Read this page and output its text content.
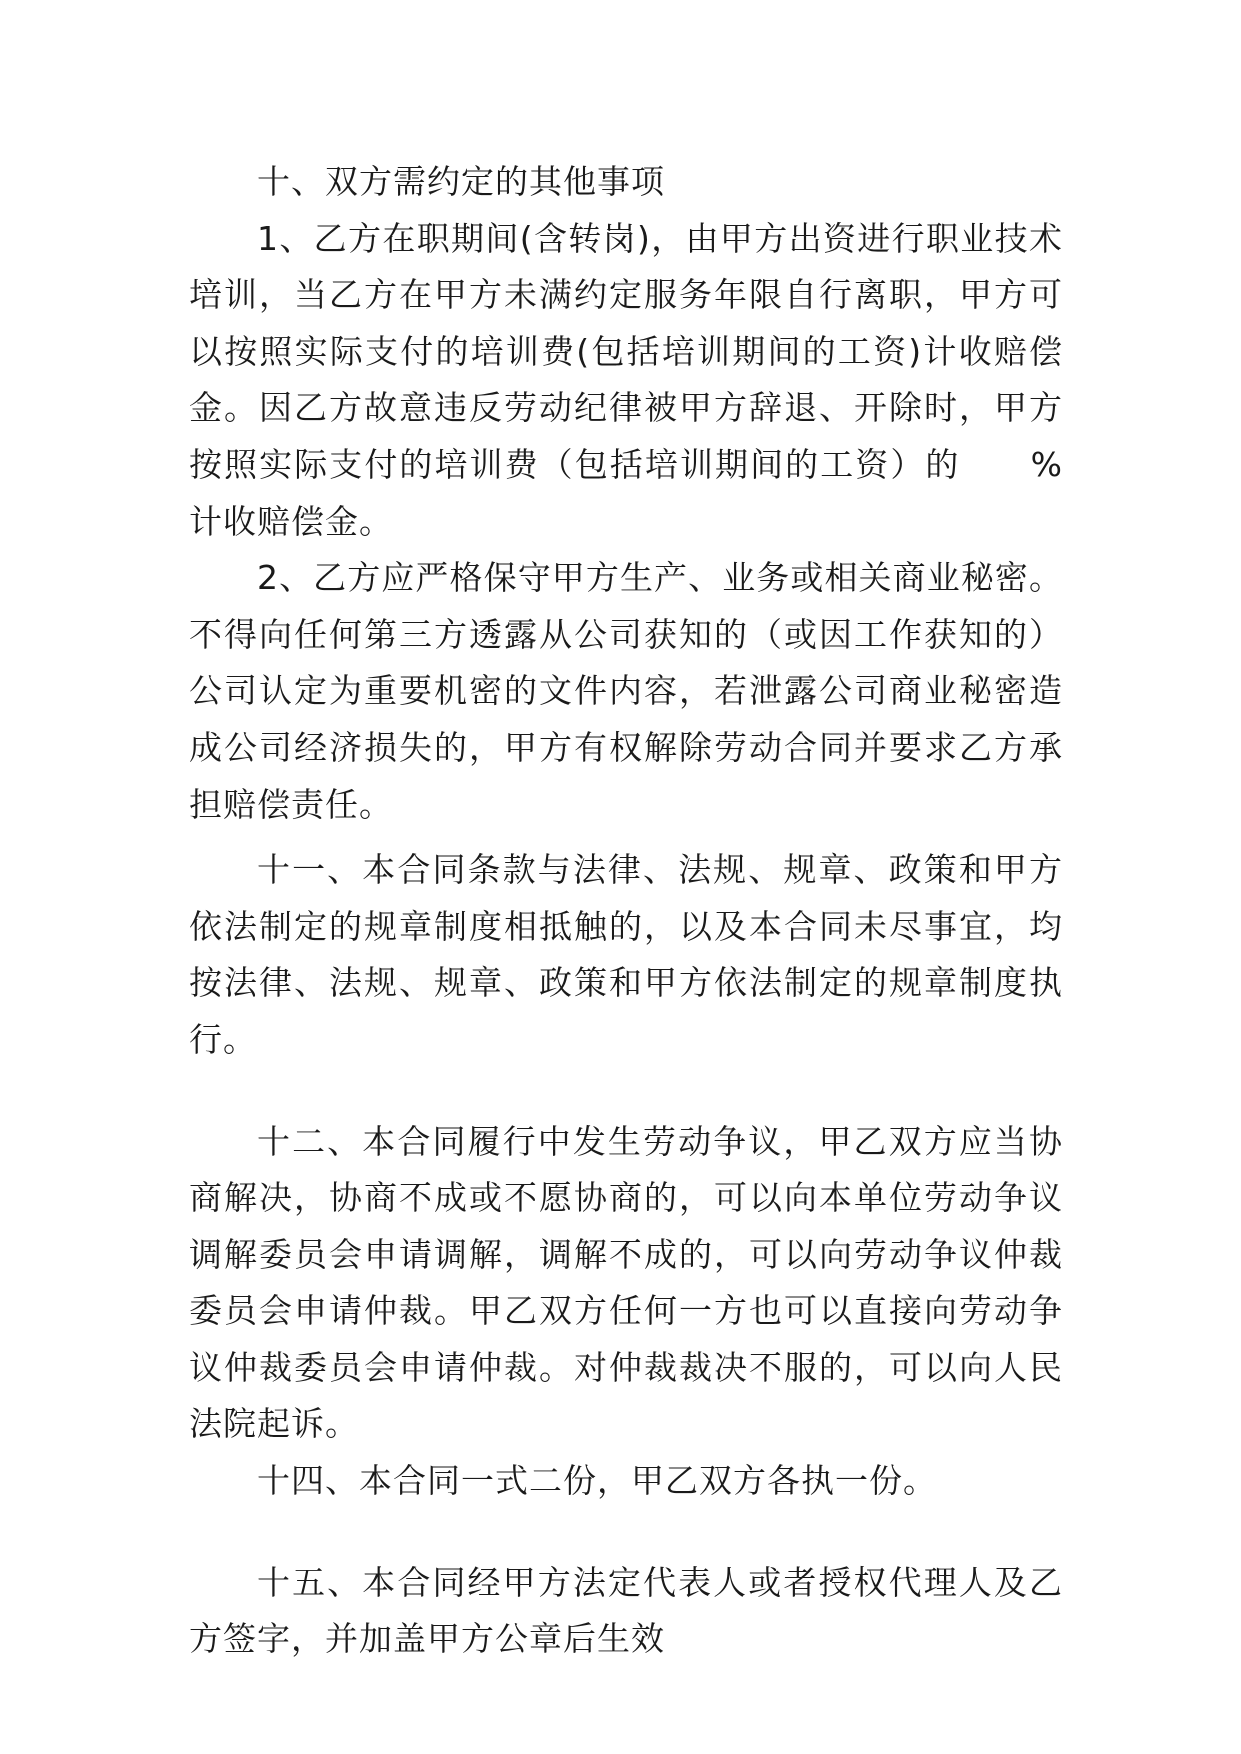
十、双方需约定的其他事项

1、乙方在职期间(含转岗)，由甲方出资进行职业技术培训，当乙方在甲方未满约定服务年限自行离职，甲方可以按照实际支付的培训费(包括培训期间的工资)计收赔偿金。因乙方故意违反劳动纪律被甲方辞退、开除时，甲方按照实际支付的培训费（包括培训期间的工资）的　　%计收赔偿金。

2、乙方应严格保守甲方生产、业务或相关商业秘密。不得向任何第三方透露从公司获知的（或因工作获知的）公司认定为重要机密的文件内容，若泄露公司商业秘密造成公司经济损失的，甲方有权解除劳动合同并要求乙方承担赔偿责任。

十一、本合同条款与法律、法规、规章、政策和甲方依法制定的规章制度相抵触的，以及本合同未尽事宜，均按法律、法规、规章、政策和甲方依法制定的规章制度执行。

十二、本合同履行中发生劳动争议，甲乙双方应当协商解决，协商不成或不愿协商的，可以向本单位劳动争议调解委员会申请调解，调解不成的，可以向劳动争议仲裁委员会申请仲裁。甲乙双方任何一方也可以直接向劳动争议仲裁委员会申请仲裁。对仲裁裁决不服的，可以向人民法院起诉。

十四、本合同一式二份，甲乙双方各执一份。

十五、本合同经甲方法定代表人或者授权代理人及乙方签字，并加盖甲方公章后生效
